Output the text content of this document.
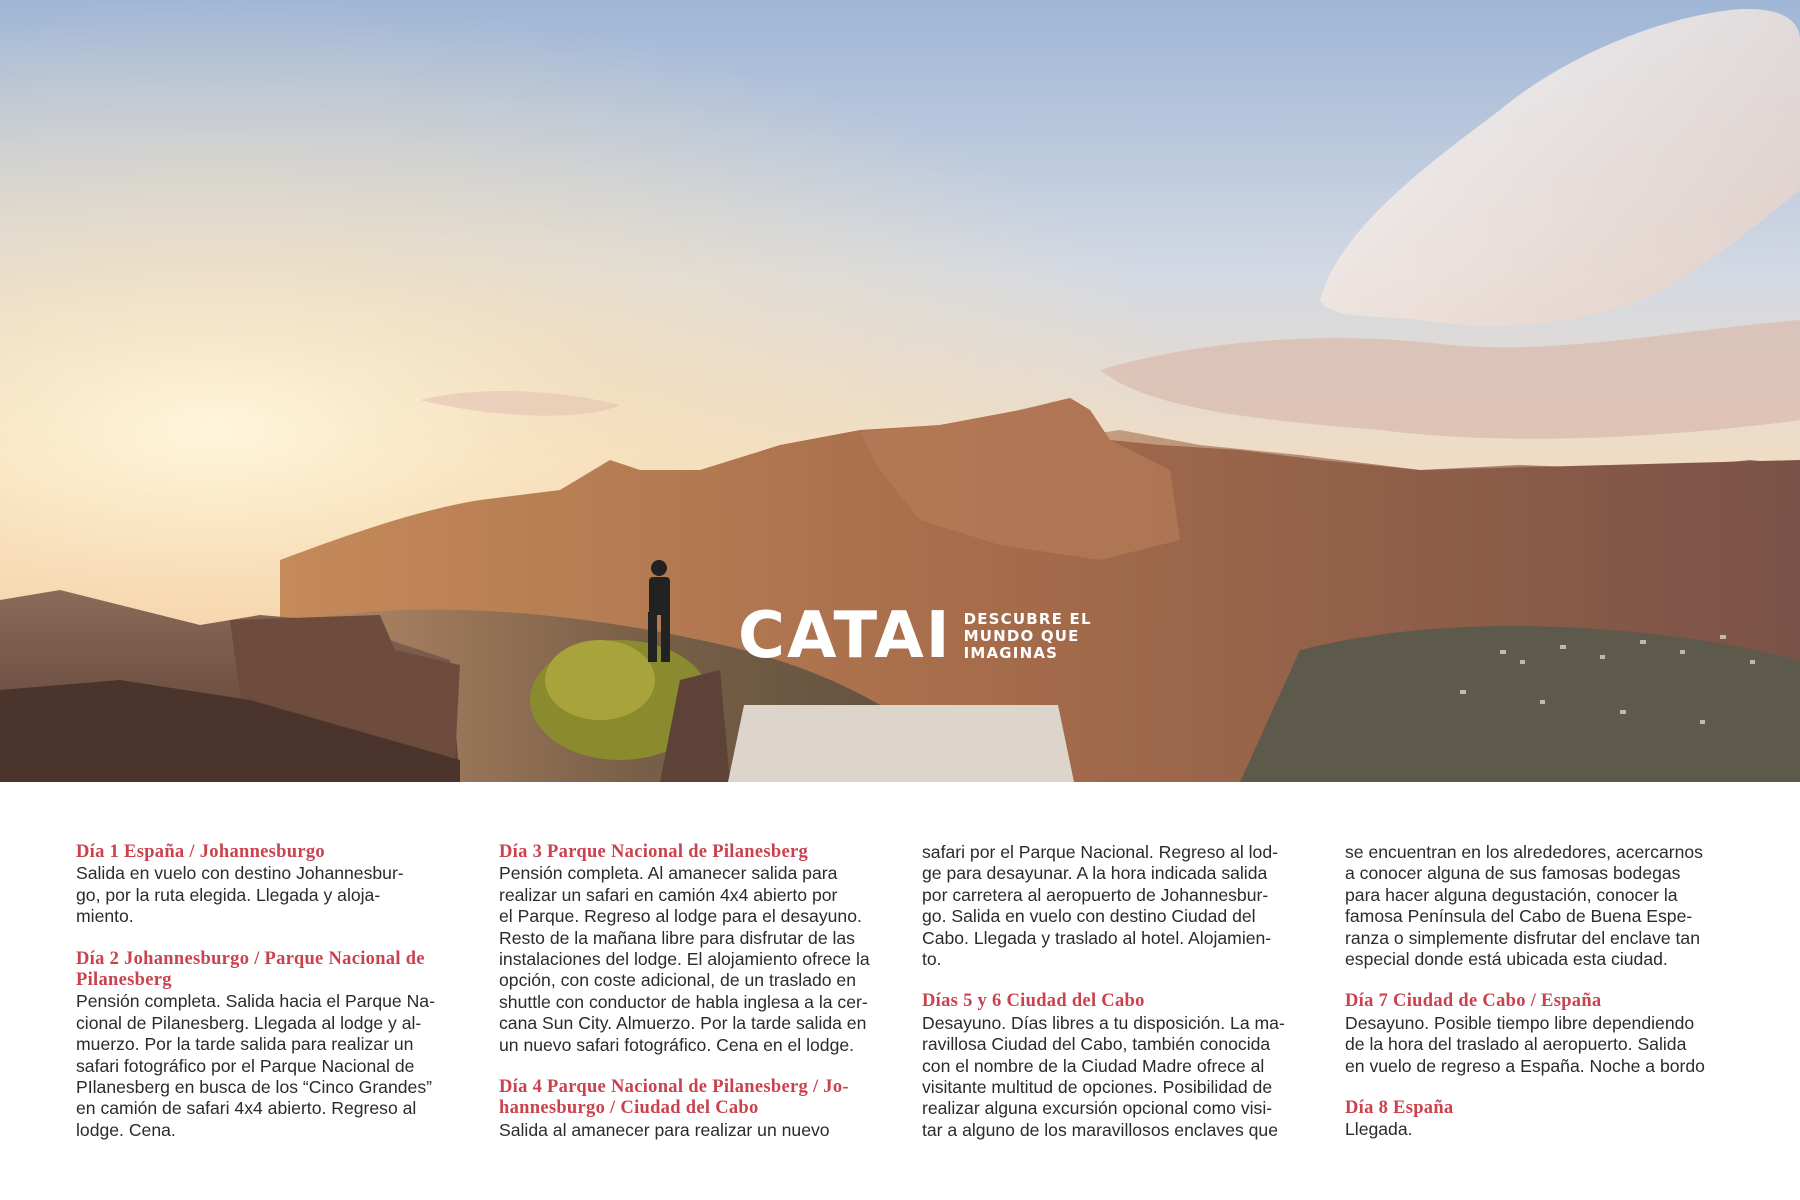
CATAI DESCUBRE EL
MUNDO QUE
IMAGINAS

Día 1 España / Johannesburgo

Salida en vuelo con destino Johannesbur-

go, por la ruta elegida. Llegada y aloja-

miento.

Día 2 Johannesburgo / Parque Nacional de

Pilanesberg

Pensión completa. Salida hacia el Parque Na-

cional de Pilanesberg. Llegada al lodge y al-

muerzo. Por la tarde salida para realizar un

safari fotográfico por el Parque Nacional de

PIlanesberg en busca de los “Cinco Grandes”

en camión de safari 4x4 abierto. Regreso al

lodge. Cena.

Día 3 Parque Nacional de Pilanesberg

Pensión completa. Al amanecer salida para

realizar un safari en camión 4x4 abierto por

el Parque. Regreso al lodge para el desayuno.

Resto de la mañana libre para disfrutar de las

instalaciones del lodge. El alojamiento ofrece la

opción, con coste adicional, de un traslado en

shuttle con conductor de habla inglesa a la cer-

cana Sun City. Almuerzo. Por la tarde salida en

un nuevo safari fotográfico. Cena en el lodge.

Día 4 Parque Nacional de Pilanesberg / Jo-

hannesburgo / Ciudad del Cabo

Salida al amanecer para realizar un nuevo

safari por el Parque Nacional. Regreso al lod-

ge para desayunar. A la hora indicada salida

por carretera al aeropuerto de Johannesbur-

go. Salida en vuelo con destino Ciudad del

Cabo. Llegada y traslado al hotel. Alojamien-

to.

Días 5 y 6 Ciudad del Cabo

Desayuno. Días libres a tu disposición. La ma-

ravillosa Ciudad del Cabo, también conocida

con el nombre de la Ciudad Madre ofrece al

visitante multitud de opciones. Posibilidad de

realizar alguna excursión opcional como visi-

tar a alguno de los maravillosos enclaves que

se encuentran en los alrededores, acercarnos

a conocer alguna de sus famosas bodegas

para hacer alguna degustación, conocer la

famosa Península del Cabo de Buena Espe-

ranza o simplemente disfrutar del enclave tan

especial donde está ubicada esta ciudad.

Día 7 Ciudad de Cabo / España

Desayuno. Posible tiempo libre dependiendo

de la hora del traslado al aeropuerto. Salida

en vuelo de regreso a España. Noche a bordo

Día 8 España

Llegada.
